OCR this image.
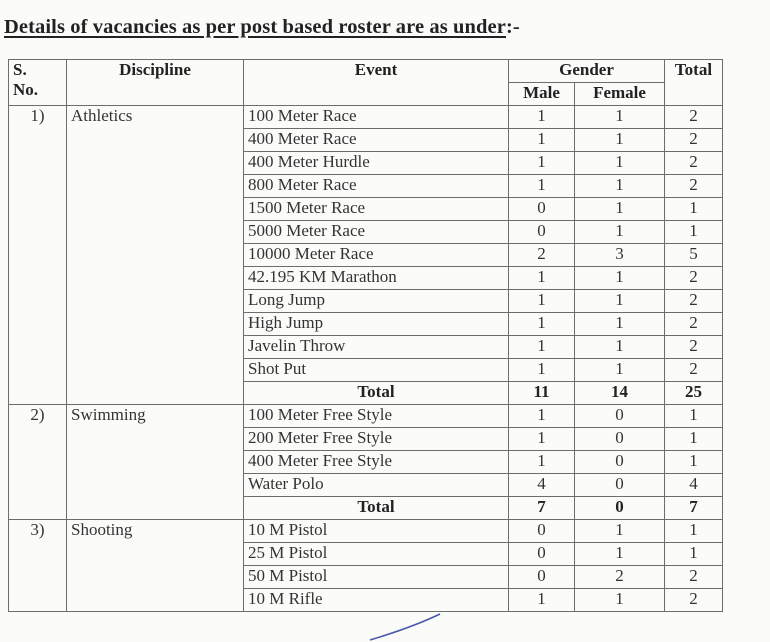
Details of vacancies as per post based roster are as under:-
S.
No.	Discipline	Event	Gender		Total
			Male	Female	
1)	Athletics	100 Meter Race	1	1	2
		400 Meter Race	1	1	2
		400 Meter Hurdle	1	1	2
		800 Meter Race	1	1	2
		1500 Meter Race	0	1	1
		5000 Meter Race	0	1	1
		10000 Meter Race	2	3	5
		42.195 KM Marathon	1	1	2
		Long Jump	1	1	2
		High Jump	1	1	2
		Javelin Throw	1	1	2
		Shot Put	1	1	2
		Total	11	14	25
2)	Swimming	100 Meter Free Style	1	0	1
		200 Meter Free Style	1	0	1
		400 Meter Free Style	1	0	1
		Water Polo	4	0	4
		Total	7	0	7
3)	Shooting	10 M Pistol	0	1	1
		25 M Pistol	0	1	1
		50 M Pistol	0	2	2
		10 M Rifle	1	1	2
